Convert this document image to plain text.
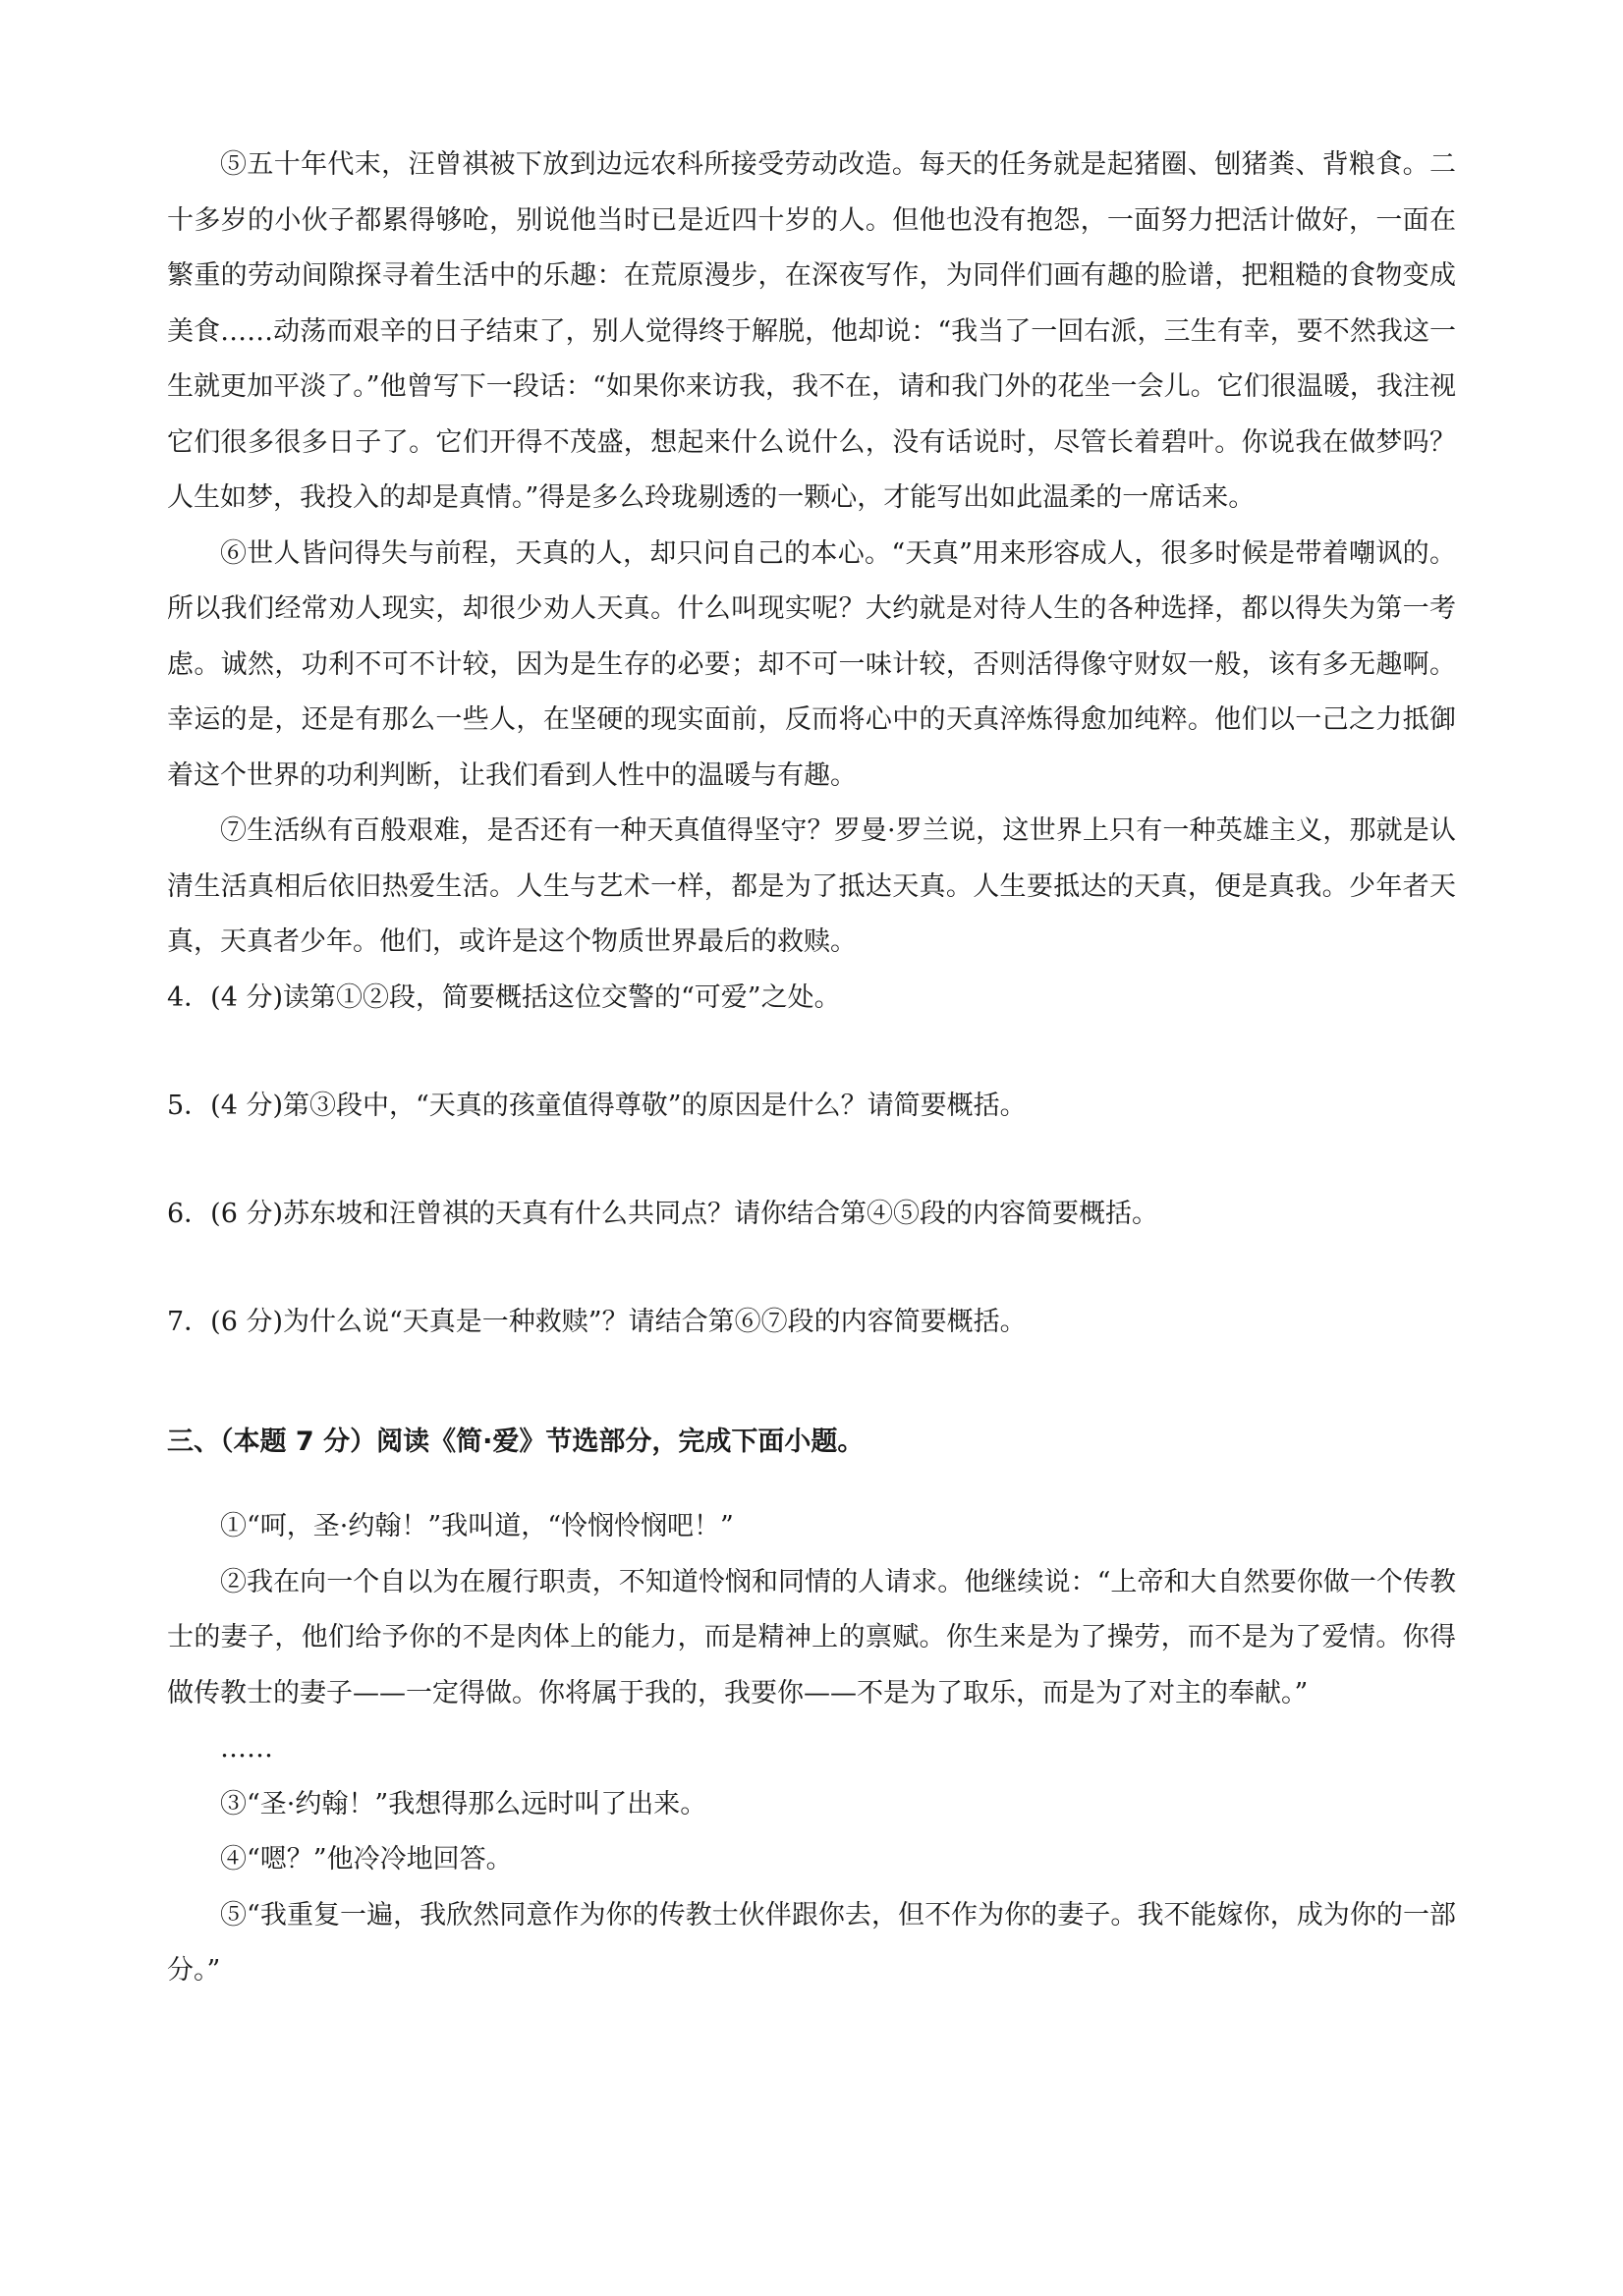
⑤五十年代末，汪曾祺被下放到边远农科所接受劳动改造。每天的任务就是起猪圈、刨猪粪、背粮食。二十多岁的小伙子都累得够呛，别说他当时已是近四十岁的人。但他也没有抱怨，一面努力把活计做好，一面在繁重的劳动间隙探寻着生活中的乐趣：在荒原漫步，在深夜写作，为同伴们画有趣的脸谱，把粗糙的食物变成美食……动荡而艰辛的日子结束了，别人觉得终于解脱，他却说：“我当了一回右派，三生有幸，要不然我这一生就更加平淡了。”他曾写下一段话：“如果你来访我，我不在，请和我门外的花坐一会儿。它们很温暖，我注视它们很多很多日子了。它们开得不茂盛，想起来什么说什么，没有话说时，尽管长着碧叶。你说我在做梦吗？人生如梦，我投入的却是真情。”得是多么玲珑剔透的一颗心，才能写出如此温柔的一席话来。

⑥世人皆问得失与前程，天真的人，却只问自己的本心。“天真”用来形容成人，很多时候是带着嘲讽的。所以我们经常劝人现实，却很少劝人天真。什么叫现实呢？大约就是对待人生的各种选择，都以得失为第一考虑。诚然，功利不可不计较，因为是生存的必要；却不可一味计较，否则活得像守财奴一般，该有多无趣啊。幸运的是，还是有那么一些人，在坚硬的现实面前，反而将心中的天真淬炼得愈加纯粹。他们以一己之力抵御着这个世界的功利判断，让我们看到人性中的温暖与有趣。

⑦生活纵有百般艰难，是否还有一种天真值得坚守？罗曼·罗兰说，这世界上只有一种英雄主义，那就是认清生活真相后依旧热爱生活。人生与艺术一样，都是为了抵达天真。人生要抵达的天真，便是真我。少年者天真，天真者少年。他们，或许是这个物质世界最后的救赎。

4．(4 分)读第①②段，简要概括这位交警的“可爱”之处。

5．(4 分)第③段中，“天真的孩童值得尊敬”的原因是什么？请简要概括。

6．(6 分)苏东坡和汪曾祺的天真有什么共同点？请你结合第④⑤段的内容简要概括。

7．(6 分)为什么说“天真是一种救赎”？请结合第⑥⑦段的内容简要概括。

三、（本题 7 分）阅读《简·爱》节选部分，完成下面小题。

①“呵，圣·约翰！”我叫道，“怜悯怜悯吧！”

②我在向一个自以为在履行职责，不知道怜悯和同情的人请求。他继续说：“上帝和大自然要你做一个传教士的妻子，他们给予你的不是肉体上的能力，而是精神上的禀赋。你生来是为了操劳，而不是为了爱情。你得做传教士的妻子——一定得做。你将属于我的，我要你——不是为了取乐，而是为了对主的奉献。”

……

③“圣·约翰！”我想得那么远时叫了出来。

④“嗯？”他冷冷地回答。

⑤“我重复一遍，我欣然同意作为你的传教士伙伴跟你去，但不作为你的妻子。我不能嫁你，成为你的一部分。”
